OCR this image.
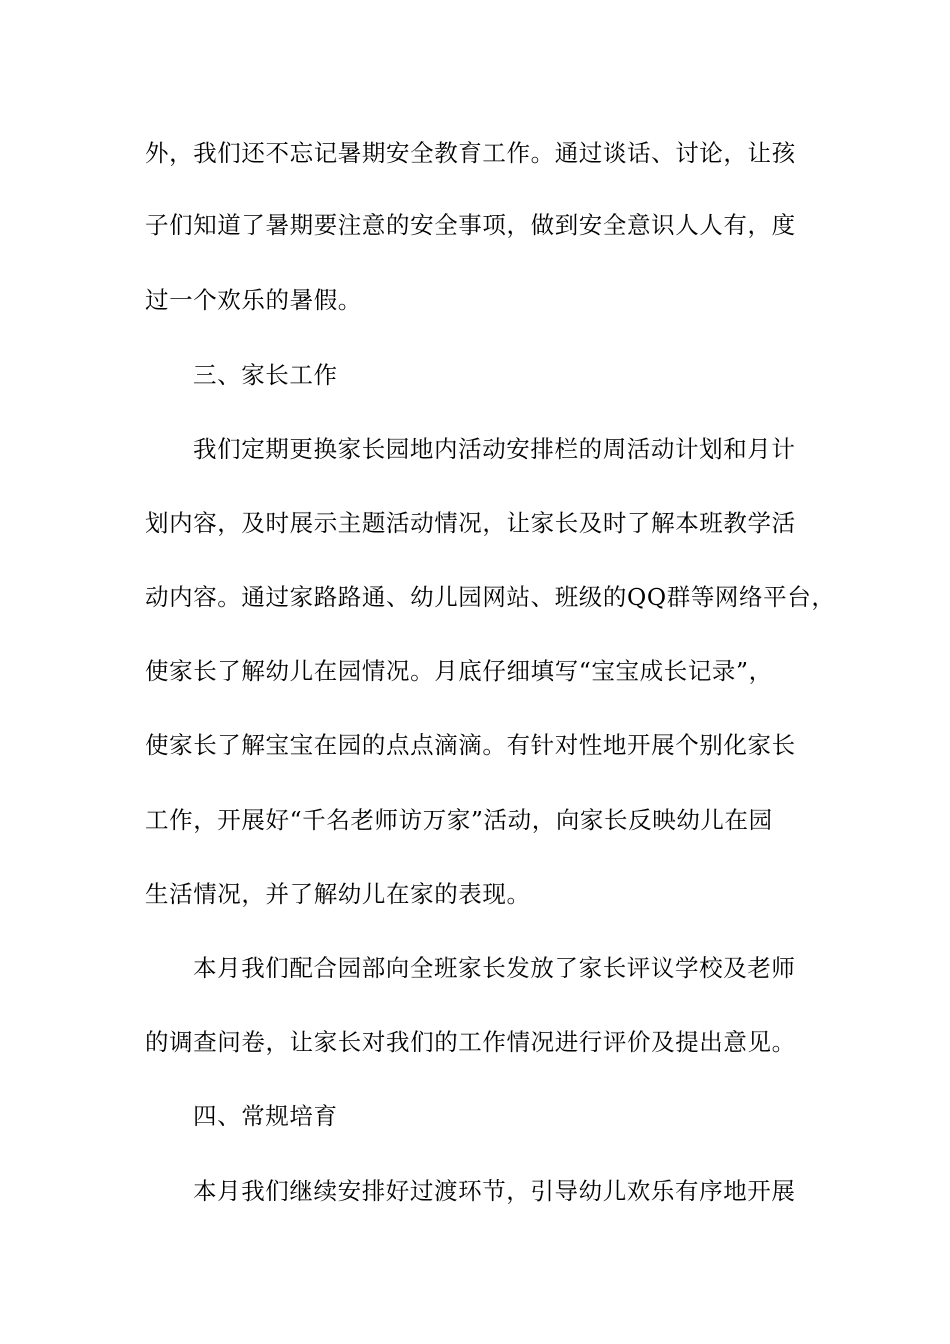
外，我们还不忘记暑期安全教育工作。通过谈话、讨论，让孩
子们知道了暑期要注意的安全事项，做到安全意识人人有，度
过一个欢乐的暑假。
三、家长工作
我们定期更换家长园地内活动安排栏的周活动计划和月计
划内容，及时展示主题活动情况，让家长及时了解本班教学活
动内容。通过家路路通、幼儿园网站、班级的QQ群等网络平台，
使家长了解幼儿在园情况。月底仔细填写“宝宝成长记录”，
使家长了解宝宝在园的点点滴滴。有针对性地开展个别化家长
工作，开展好“千名老师访万家”活动，向家长反映幼儿在园
生活情况，并了解幼儿在家的表现。
本月我们配合园部向全班家长发放了家长评议学校及老师
的调查问卷，让家长对我们的工作情况进行评价及提出意见。
四、常规培育
本月我们继续安排好过渡环节，引导幼儿欢乐有序地开展
